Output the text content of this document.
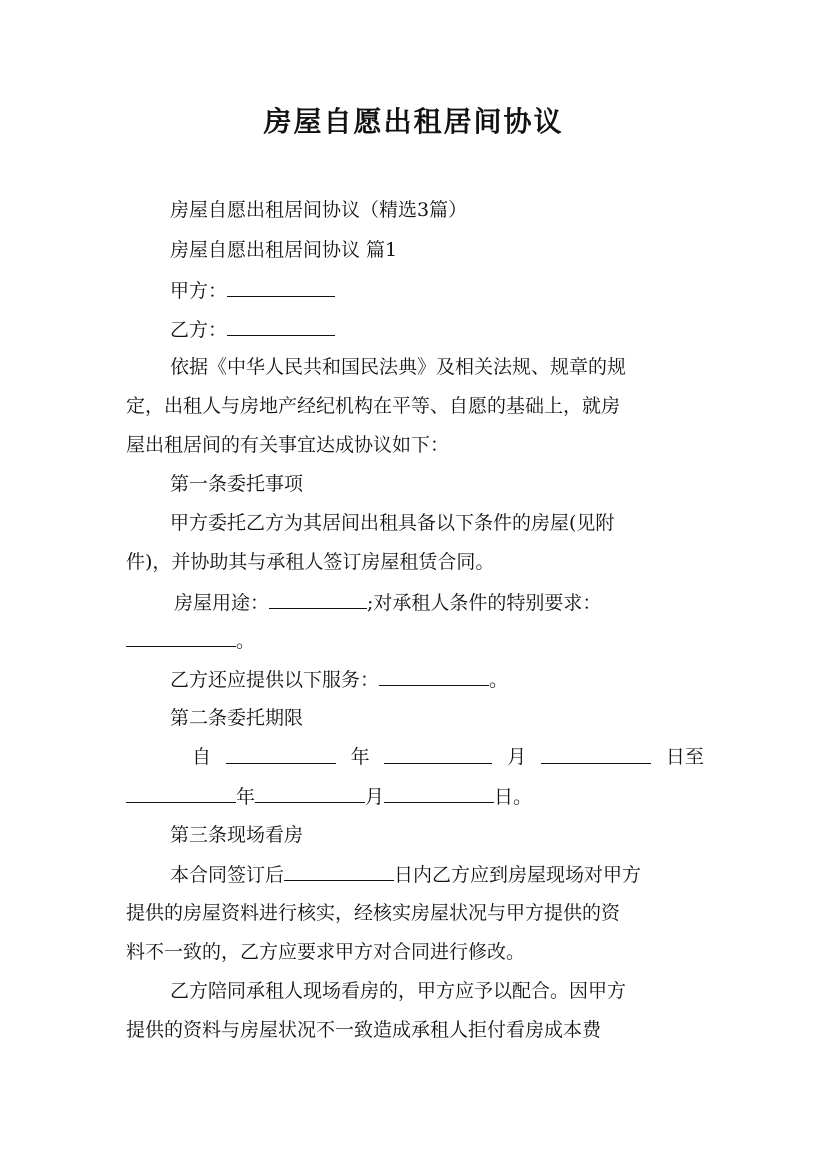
房屋自愿出租居间协议
房屋自愿出租居间协议（精选3篇）
房屋自愿出租居间协议 篇1
甲方：
乙方：
依据《中华人民共和国民法典》及相关法规、规章的规
定，出租人与房地产经纪机构在平等、自愿的基础上，就房
屋出租居间的有关事宜达成协议如下：
第一条委托事项
甲方委托乙方为其居间出租具备以下条件的房屋(见附
件)，并协助其与承租人签订房屋租赁合同。
房屋用途：	;对承租人条件的特别要求：
。
乙方还应提供以下服务：	。
第二条委托期限
自	年	月	日至
年	月	日。
第三条现场看房
本合同签订后	日内乙方应到房屋现场对甲方
提供的房屋资料进行核实，经核实房屋状况与甲方提供的资
料不一致的，乙方应要求甲方对合同进行修改。
乙方陪同承租人现场看房的，甲方应予以配合。因甲方
提供的资料与房屋状况不一致造成承租人拒付看房成本费
